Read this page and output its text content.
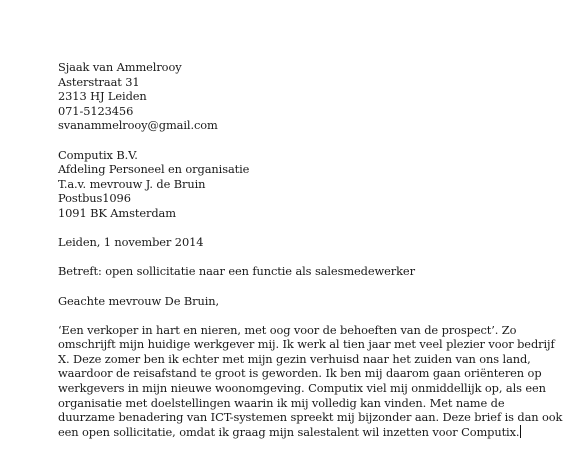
Sjaak van Ammelrooy
Asterstraat 31
2313 HJ Leiden
071-5123456
svanammelrooy@gmail.com
Computix B.V.
Afdeling Personeel en organisatie
T.a.v. mevrouw J. de Bruin
Postbus1096
1091 BK Amsterdam
Leiden, 1 november 2014
Betreft: open sollicitatie naar een functie als salesmedewerker
Geachte mevrouw De Bruin,
‘Een verkoper in hart en nieren, met oog voor de behoeften van de prospect’. Zo
omschrijft mijn huidige werkgever mij. Ik werk al tien jaar met veel plezier voor bedrijf
X. Deze zomer ben ik echter met mijn gezin verhuisd naar het zuiden van ons land,
waardoor de reisafstand te groot is geworden. Ik ben mij daarom gaan oriënteren op
werkgevers in mijn nieuwe woonomgeving. Computix viel mij onmiddellijk op, als een
organisatie met doelstellingen waarin ik mij volledig kan vinden. Met name de
duurzame benadering van ICT-systemen spreekt mij bijzonder aan. Deze brief is dan ook
een open sollicitatie, omdat ik graag mijn salestalent wil inzetten voor Computix.
